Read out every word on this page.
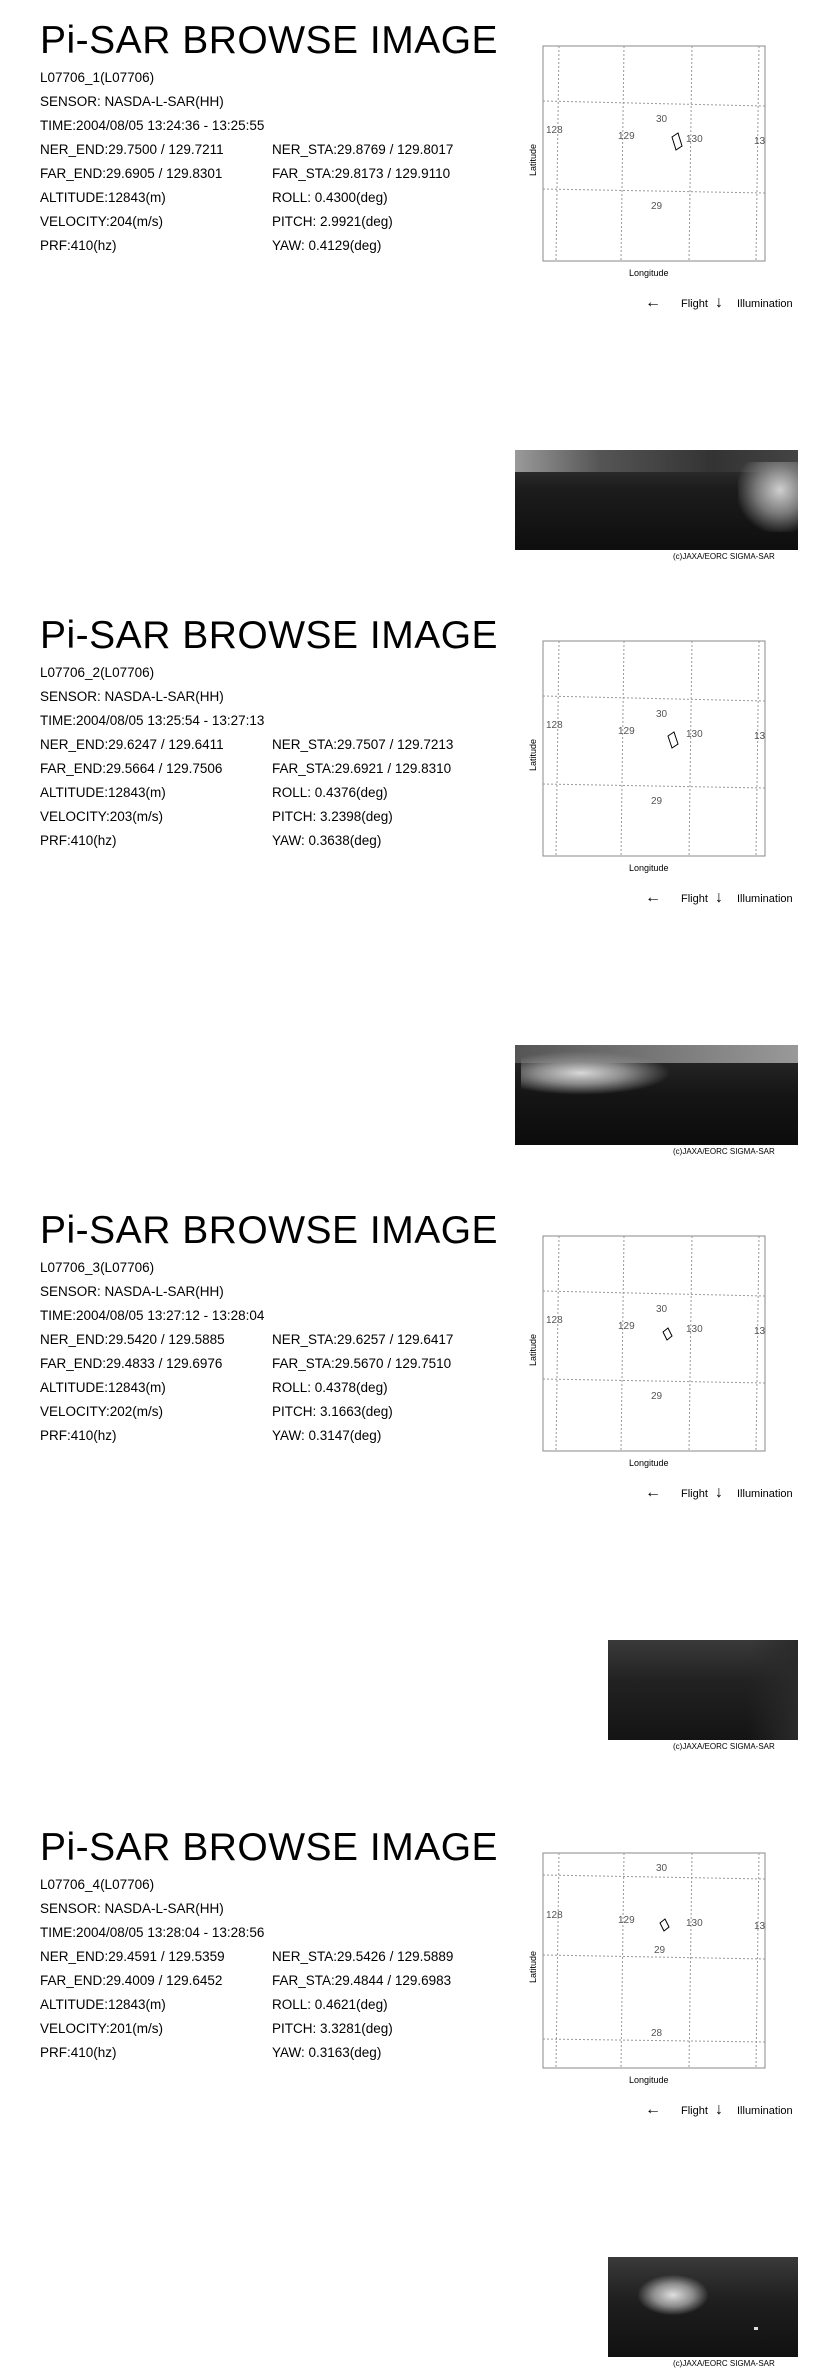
Pi-SAR BROWSE IMAGE
L07706_1(L07706)
SENSOR: NASDA-L-SAR(HH)
TIME:2004/08/05 13:24:36 - 13:25:55
NER_END:29.7500 / 129.7211	NER_STA:29.8769 / 129.8017
FAR_END:29.6905 / 129.8301	FAR_STA:29.8173 / 129.9110
ALTITUDE:12843(m)	ROLL: 0.4300(deg)
VELOCITY:204(m/s)	PITCH: 2.9921(deg)
PRF:410(hz)	YAW: 0.4129(deg)
128
129	130	13
30
29
Latitude
Longitude
← Flight ↓ Illumination
(c)JAXA/EORC SIGMA-SAR
Pi-SAR BROWSE IMAGE
L07706_2(L07706)
SENSOR: NASDA-L-SAR(HH)
TIME:2004/08/05 13:25:54 - 13:27:13
NER_END:29.6247 / 129.6411	NER_STA:29.7507 / 129.7213
FAR_END:29.5664 / 129.7506	FAR_STA:29.6921 / 129.8310
ALTITUDE:12843(m)	ROLL: 0.4376(deg)
VELOCITY:203(m/s)	PITCH: 3.2398(deg)
PRF:410(hz)	YAW: 0.3638(deg)
128
129	130	13
30
29
Latitude
Longitude
← Flight ↓ Illumination
(c)JAXA/EORC SIGMA-SAR
Pi-SAR BROWSE IMAGE
L07706_3(L07706)
SENSOR: NASDA-L-SAR(HH)
TIME:2004/08/05 13:27:12 - 13:28:04
NER_END:29.5420 / 129.5885	NER_STA:29.6257 / 129.6417
FAR_END:29.4833 / 129.6976	FAR_STA:29.5670 / 129.7510
ALTITUDE:12843(m)	ROLL: 0.4378(deg)
VELOCITY:202(m/s)	PITCH: 3.1663(deg)
PRF:410(hz)	YAW: 0.3147(deg)
128
129	130	13
30
29
Latitude
Longitude
← Flight ↓ Illumination
(c)JAXA/EORC SIGMA-SAR
Pi-SAR BROWSE IMAGE
L07706_4(L07706)
SENSOR: NASDA-L-SAR(HH)
TIME:2004/08/05 13:28:04 - 13:28:56
NER_END:29.4591 / 129.5359	NER_STA:29.5426 / 129.5889
FAR_END:29.4009 / 129.6452	FAR_STA:29.4844 / 129.6983
ALTITUDE:12843(m)	ROLL: 0.4621(deg)
VELOCITY:201(m/s)	PITCH: 3.3281(deg)
PRF:410(hz)	YAW: 0.3163(deg)
128	129	130	13
30
29
28
Latitude
Longitude
← Flight ↓ Illumination
(c)JAXA/EORC SIGMA-SAR
